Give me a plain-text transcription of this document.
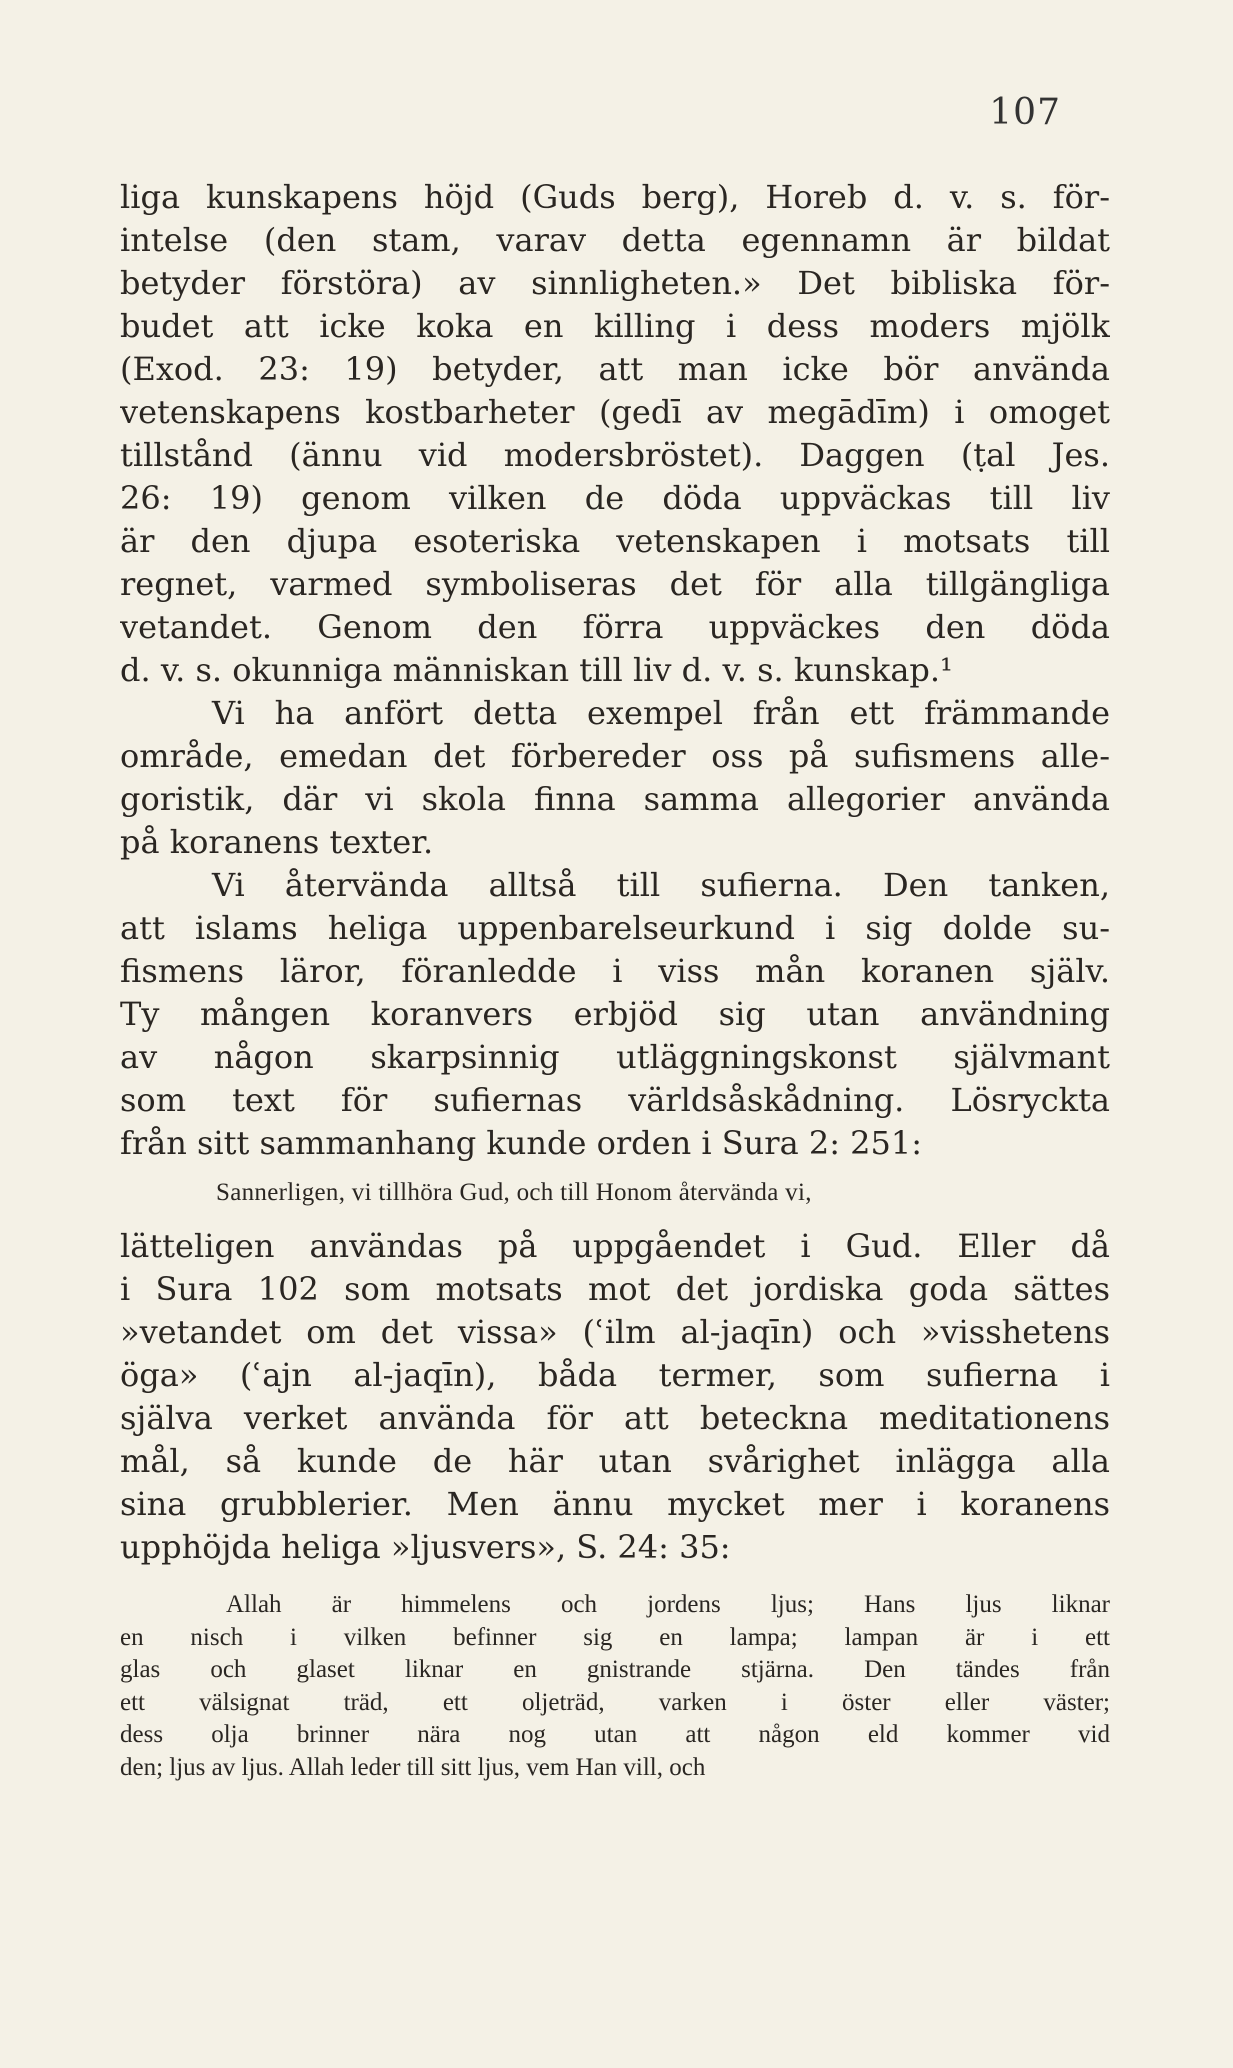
107
liga kunskapens höjd (Guds berg), Horeb d. v. s. för-
intelse (den stam, varav detta egennamn är bildat
betyder förstöra) av sinnligheten.» Det bibliska för-
budet att icke koka en killing i dess moders mjölk
(Exod. 23: 19) betyder, att man icke bör använda
vetenskapens kostbarheter (gedī av megādīm) i omoget
tillstånd (ännu vid modersbröstet). Daggen (ṭal Jes.
26: 19) genom vilken de döda uppväckas till liv
är den djupa esoteriska vetenskapen i motsats till
regnet, varmed symboliseras det för alla tillgängliga
vetandet. Genom den förra uppväckes den döda
d. v. s. okunniga människan till liv d. v. s. kunskap.¹
Vi ha anfört detta exempel från ett främmande
område, emedan det förbereder oss på sufismens alle-
goristik, där vi skola finna samma allegorier använda
på koranens texter.
Vi återvända alltså till sufierna. Den tanken,
att islams heliga uppenbarelseurkund i sig dolde su-
fismens läror, föranledde i viss mån koranen själv.
Ty mången koranvers erbjöd sig utan användning
av någon skarpsinnig utläggningskonst självmant
som text för sufiernas världsåskådning. Lösryckta
från sitt sammanhang kunde orden i Sura 2: 251:
Sannerligen, vi tillhöra Gud, och till Honom återvända vi,
lätteligen användas på uppgåendet i Gud. Eller då
i Sura 102 som motsats mot det jordiska goda sättes
»vetandet om det vissa» (ʿilm al-jaqīn) och »visshetens
öga» (ʿajn al-jaqīn), båda termer, som sufierna i
själva verket använda för att beteckna meditationens
mål, så kunde de här utan svårighet inlägga alla
sina grubblerier. Men ännu mycket mer i koranens
upphöjda heliga »ljusvers», S. 24: 35:
Allah är himmelens och jordens ljus; Hans ljus liknar
en nisch i vilken befinner sig en lampa; lampan är i ett
glas och glaset liknar en gnistrande stjärna. Den tändes från
ett välsignat träd, ett oljeträd, varken i öster eller väster;
dess olja brinner nära nog utan att någon eld kommer vid
den; ljus av ljus. Allah leder till sitt ljus, vem Han vill, och
